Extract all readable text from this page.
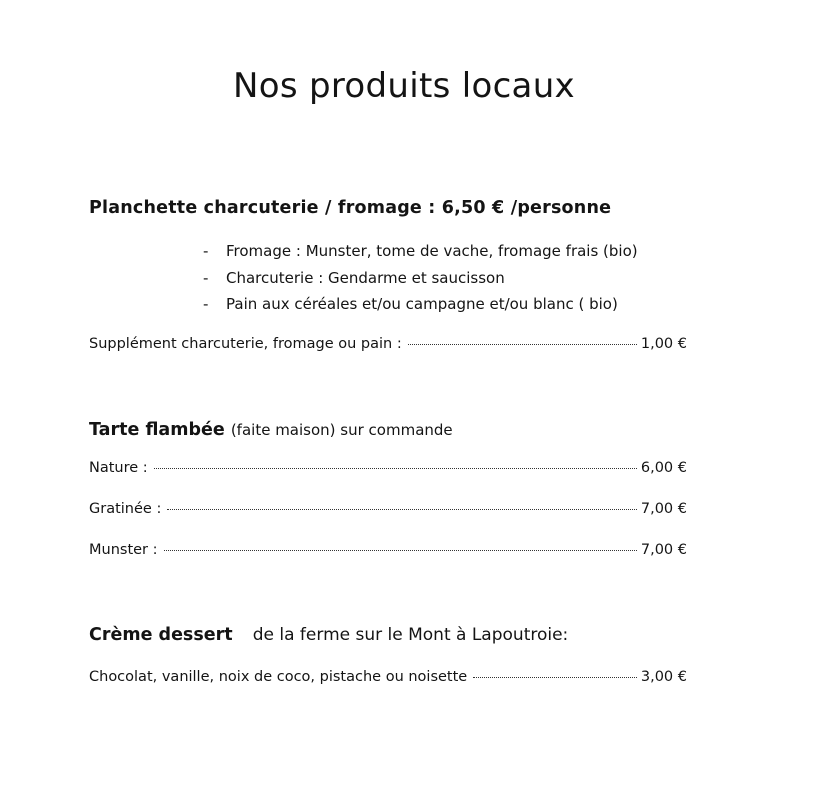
Nos produits locaux
Planchette charcuterie / fromage : 6,50 € /personne
- Fromage : Munster, tome de vache, fromage frais (bio)
- Charcuterie : Gendarme et saucisson
- Pain aux céréales et/ou campagne et/ou blanc ( bio)
Supplément charcuterie, fromage ou pain :	1,00 €
Tarte flambée (faite maison) sur commande
Nature :	6,00 €
Gratinée :	7,00 €
Munster :	7,00 €
Crème dessert de la ferme sur le Mont à Lapoutroie:
Chocolat, vanille, noix de coco, pistache ou noisette	3,00 €
